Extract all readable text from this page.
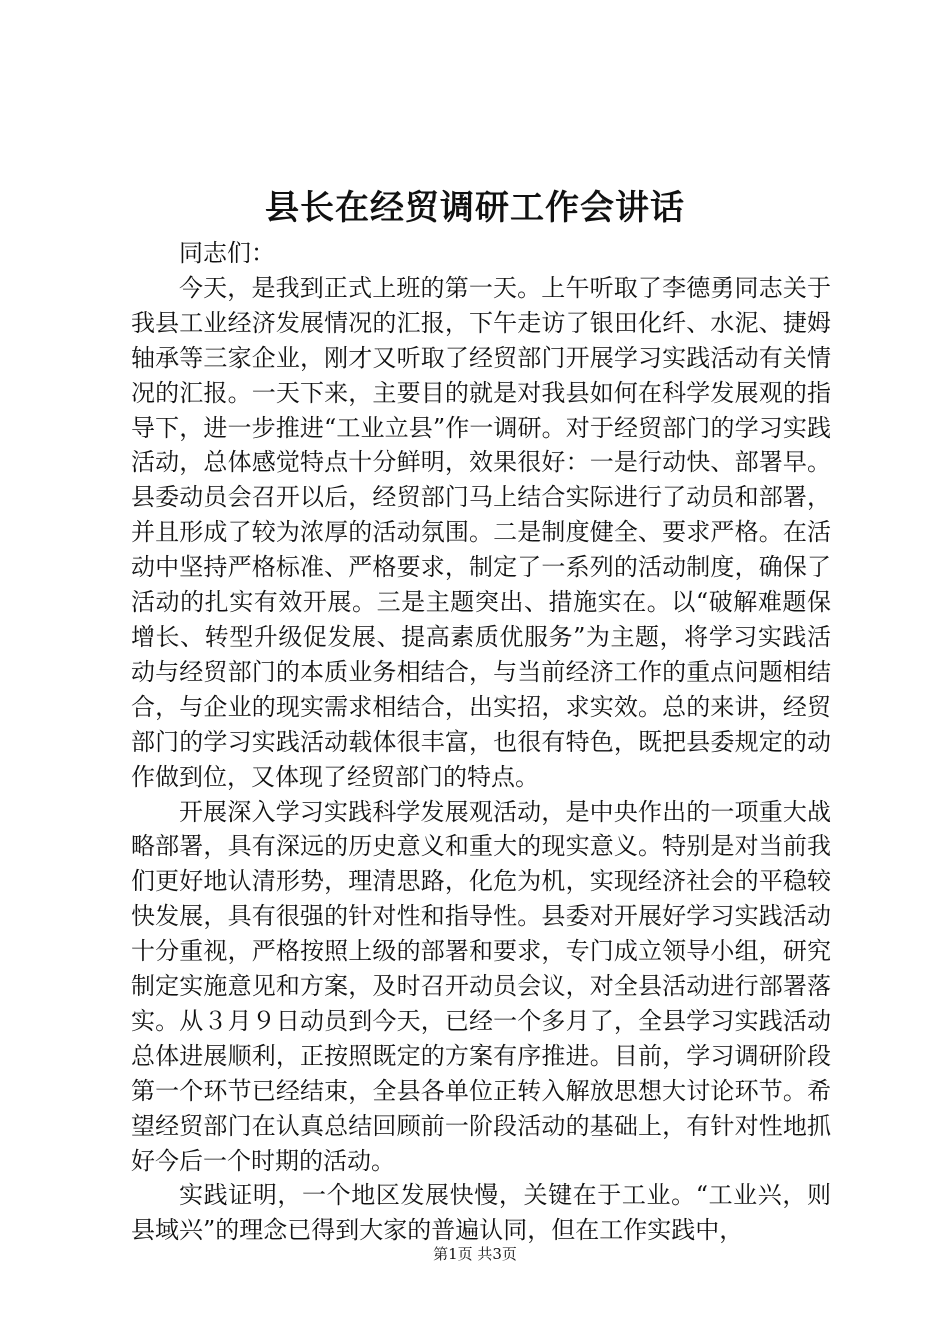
县长在经贸调研工作会讲话

同志们：

今天，是我到正式上班的第一天。上午听取了李德勇同志关于我县工业经济发展情况的汇报，下午走访了银田化纤、水泥、捷姆轴承等三家企业，刚才又听取了经贸部门开展学习实践活动有关情况的汇报。一天下来，主要目的就是对我县如何在科学发展观的指导下，进一步推进“工业立县”作一调研。对于经贸部门的学习实践活动，总体感觉特点十分鲜明，效果很好：一是行动快、部署早。县委动员会召开以后，经贸部门马上结合实际进行了动员和部署，并且形成了较为浓厚的活动氛围。二是制度健全、要求严格。在活动中坚持严格标准、严格要求，制定了一系列的活动制度，确保了活动的扎实有效开展。三是主题突出、措施实在。以“破解难题保增长、转型升级促发展、提高素质优服务”为主题，将学习实践活动与经贸部门的本质业务相结合，与当前经济工作的重点问题相结合，与企业的现实需求相结合，出实招，求实效。总的来讲，经贸部门的学习实践活动载体很丰富，也很有特色，既把县委规定的动作做到位，又体现了经贸部门的特点。

开展深入学习实践科学发展观活动，是中央作出的一项重大战略部署，具有深远的历史意义和重大的现实意义。特别是对当前我们更好地认清形势，理清思路，化危为机，实现经济社会的平稳较快发展，具有很强的针对性和指导性。县委对开展好学习实践活动十分重视，严格按照上级的部署和要求，专门成立领导小组，研究制定实施意见和方案，及时召开动员会议，对全县活动进行部署落实。从３月９日动员到今天，已经一个多月了，全县学习实践活动总体进展顺利，正按照既定的方案有序推进。目前，学习调研阶段第一个环节已经结束，全县各单位正转入解放思想大讨论环节。希望经贸部门在认真总结回顾前一阶段活动的基础上，有针对性地抓好今后一个时期的活动。

实践证明，一个地区发展快慢，关键在于工业。“工业兴，则县域兴”的理念已得到大家的普遍认同，但在工作实践中，

第1页 共3页
